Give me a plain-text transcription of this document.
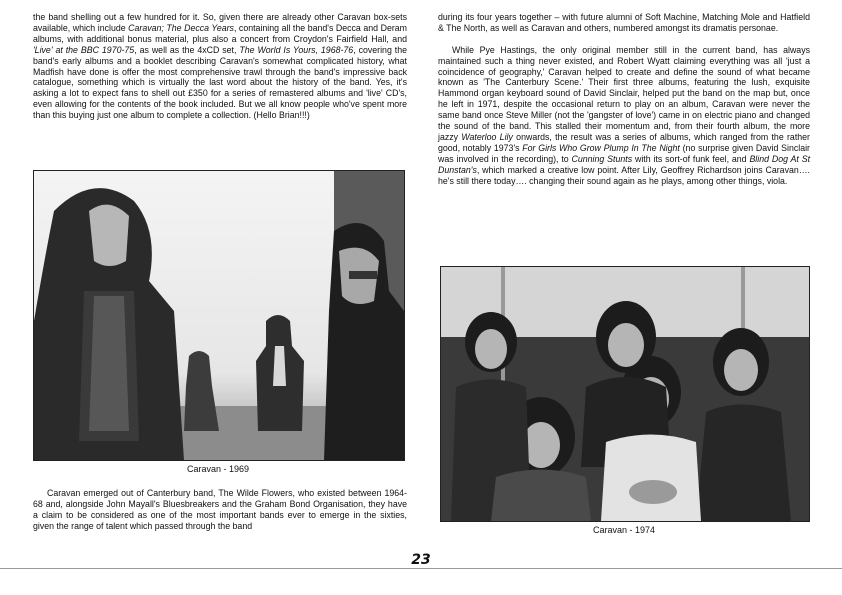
the band shelling out a few hundred for it. So, given there are already other Caravan box-sets available, which include Caravan; The Decca Years, containing all the band's Decca and Deram albums, with additional bonus material, plus also a concert from Croydon's Fairfield Hall, and 'Live' at the BBC 1970-75, as well as the 4xCD set, The World Is Yours, 1968-76, covering the band's early albums and a booklet describing Caravan's somewhat complicated history, what Madfish have done is offer the most comprehensive trawl through the band's impressive back catalogue, something which is virtually the last word about the history of the band. Yes, it's asking a lot to expect fans to shell out £350 for a series of remastered albums and 'live' CD's, even allowing for the contents of the book included. But we all know people who've spent more than this buying just one album to complete a collection. (Hello Brian!!!)

Caravan - 1969

Caravan emerged out of Canterbury band, The Wilde Flowers, who existed between 1964-68 and, alongside John Mayall's Bluesbreakers and the Graham Bond Organisation, they have a claim to be considered as one of the most important bands ever to emerge in the sixties, given the range of talent which passed through the band

during its four years together – with future alumni of Soft Machine, Matching Mole and Hatfield & The North, as well as Caravan and others, numbered amongst its dramatis personae.

While Pye Hastings, the only original member still in the current band, has always maintained such a thing never existed, and Robert Wyatt claiming everything was all 'just a coincidence of geography,' Caravan helped to create and define the sound of what became known as 'The Canterbury Scene.' Their first three albums, featuring the lush, exquisite Hammond organ keyboard sound of David Sinclair, helped put the band on the map but, once he left in 1971, despite the occasional return to play on an album, Caravan were never the same band once Steve Miller (not the 'gangster of love') came in on electric piano and changed the sound of the band. This stalled their momentum and, from their fourth album, the more jazzy Waterloo Lily onwards, the result was a series of albums, which ranged from the rather good, notably 1973's For Girls Who Grow Plump In The Night (no surprise given David Sinclair was involved in the recording), to Cunning Stunts with its sort-of funk feel, and Blind Dog At St Dunstan's, which marked a creative low point. After Lily, Geoffrey Richardson joins Caravan…. he's still there today…. changing their sound again as he plays, among other things, viola.

Caravan - 1974
23
